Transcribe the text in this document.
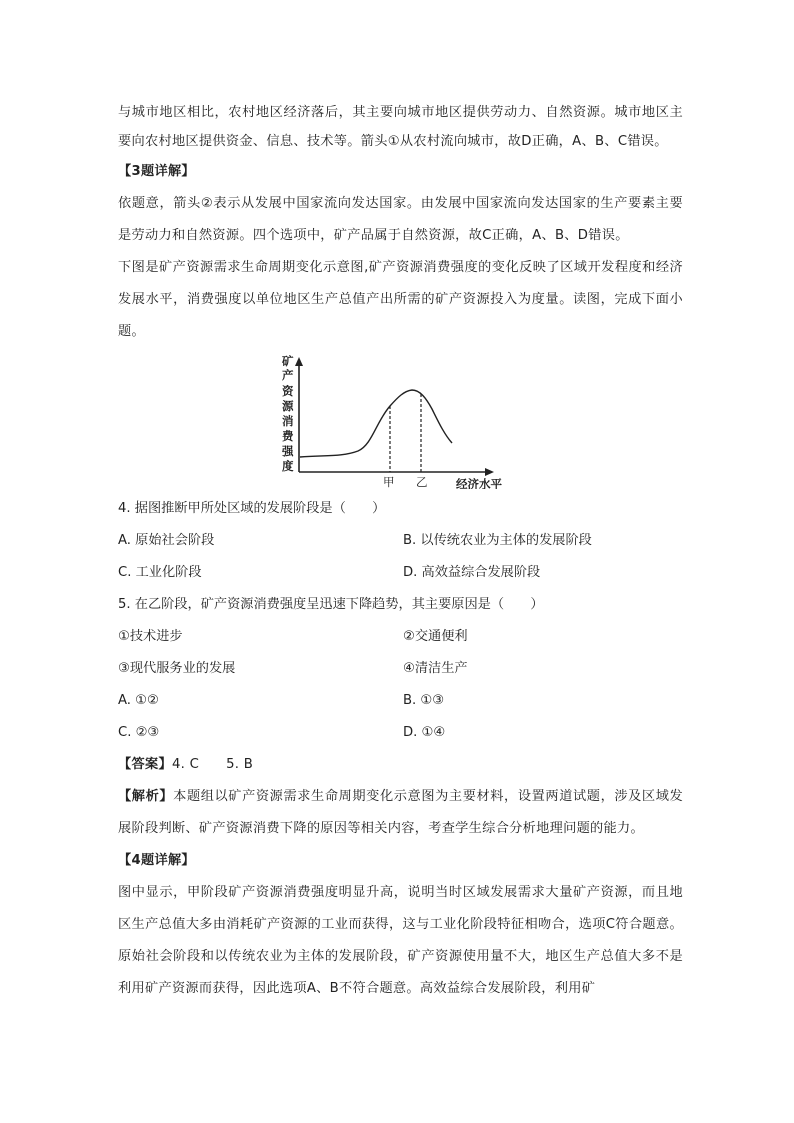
与城市地区相比，农村地区经济落后，其主要向城市地区提供劳动力、自然资源。城市地区主要向农村地区提供资金、信息、技术等。箭头①从农村流向城市，故D正确，A、B、C错误。

【3题详解】

依题意，箭头②表示从发展中国家流向发达国家。由发展中国家流向发达国家的生产要素主要是劳动力和自然资源。四个选项中，矿产品属于自然资源，故C正确，A、B、D错误。

下图是矿产资源需求生命周期变化示意图,矿产资源消费强度的变化反映了区域开发程度和经济发展水平，消费强度以单位地区生产总值产出所需的矿产资源投入为度量。读图，完成下面小题。

矿
产
资
源
消
费
强
度
甲 乙 经济水平

4. 据图推断甲所处区域的发展阶段是（　　）

A. 原始社会阶段	B. 以传统农业为主体的发展阶段
C. 工业化阶段	D. 高效益综合发展阶段

5. 在乙阶段，矿产资源消费强度呈迅速下降趋势，其主要原因是（　　）

①技术进步	②交通便利
③现代服务业的发展	④清洁生产
A. ①②	B. ①③
C. ②③	D. ①④

【答案】4. C　　5. B

【解析】本题组以矿产资源需求生命周期变化示意图为主要材料，设置两道试题，涉及区域发展阶段判断、矿产资源消费下降的原因等相关内容，考查学生综合分析地理问题的能力。

【4题详解】

图中显示，甲阶段矿产资源消费强度明显升高，说明当时区域发展需求大量矿产资源，而且地区生产总值大多由消耗矿产资源的工业而获得，这与工业化阶段特征相吻合，选项C符合题意。原始社会阶段和以传统农业为主体的发展阶段，矿产资源使用量不大，地区生产总值大多不是利用矿产资源而获得，因此选项A、B不符合题意。高效益综合发展阶段，利用矿
